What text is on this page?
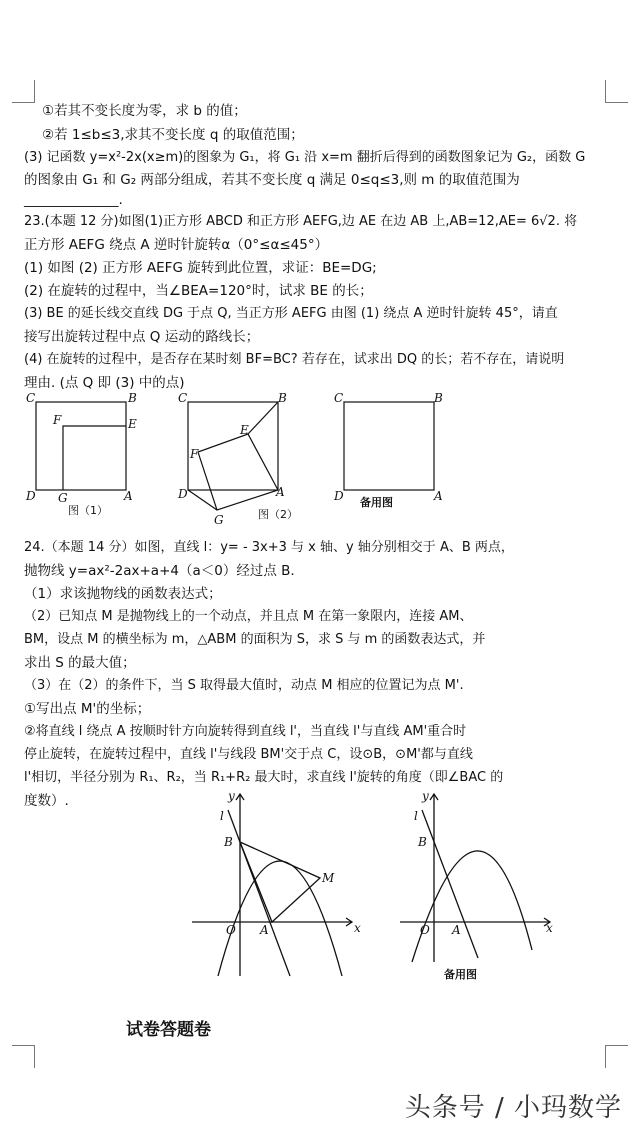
①若其不变长度为零，求 b 的值；
②若 1≤b≤3,求其不变长度 q 的取值范围；
(3) 记函数 y=x²-2x(x≥m)的图象为 G₁，将 G₁ 沿 x=m 翻折后得到的函数图象记为 G₂，函数 G
的图象由 G₁ 和 G₂ 两部分组成，若其不变长度 q 满足 0≤q≤3,则 m 的取值范围为
______________.
23.(本题 12 分)如图(1)正方形 ABCD 和正方形 AEFG,边 AE 在边 AB 上,AB=12,AE= 6√2. 将
正方形 AEFG 绕点 A 逆时针旋转α（0°≤α≤45°）
(1) 如图 (2) 正方形 AEFG 旋转到此位置，求证：BE=DG;
(2) 在旋转的过程中，当∠BEA=120°时，试求 BE 的长；
(3) BE 的延长线交直线 DG 于点 Q, 当正方形 AEFG 由图 (1) 绕点 A 逆时针旋转 45°，请直
接写出旋转过程中点 Q 运动的路线长；
(4) 在旋转的过程中，是否存在某时刻 BF=BC? 若存在，试求出 DQ 的长；若不存在，请说明
理由. (点 Q 即 (3) 中的点)
C	B
F	E
D G	A
图（1）
C	B
E
F
D	A
G	图（2）
C	B
D	A
备用图
24.（本题 14 分）如图，直线 l：y= - 3x+3 与 x 轴、y 轴分别相交于 A、B 两点，
抛物线 y=ax²-2ax+a+4（a＜0）经过点 B.
（1）求该抛物线的函数表达式；
（2）已知点 M 是抛物线上的一个动点，并且点 M 在第一象限内，连接 AM、
BM，设点 M 的横坐标为 m，△ABM 的面积为 S，求 S 与 m 的函数表达式，并
求出 S 的最大值；
（3）在（2）的条件下，当 S 取得最大值时，动点 M 相应的位置记为点 M'.
①写出点 M'的坐标；
②将直线 l 绕点 A 按顺时针方向旋转得到直线 l'，当直线 l'与直线 AM'重合时
停止旋转，在旋转过程中，直线 l'与线段 BM'交于点 C，设⊙B，⊙M'都与直线
l'相切，半径分别为 R₁、R₂，当 R₁+R₂ 最大时，求直线 l'旋转的角度（即∠BAC 的
度数）.	y
l
B
M
O A	x
y
l
B
O A	x
备用图
试卷答题卷
头条号 / 小玛数学
